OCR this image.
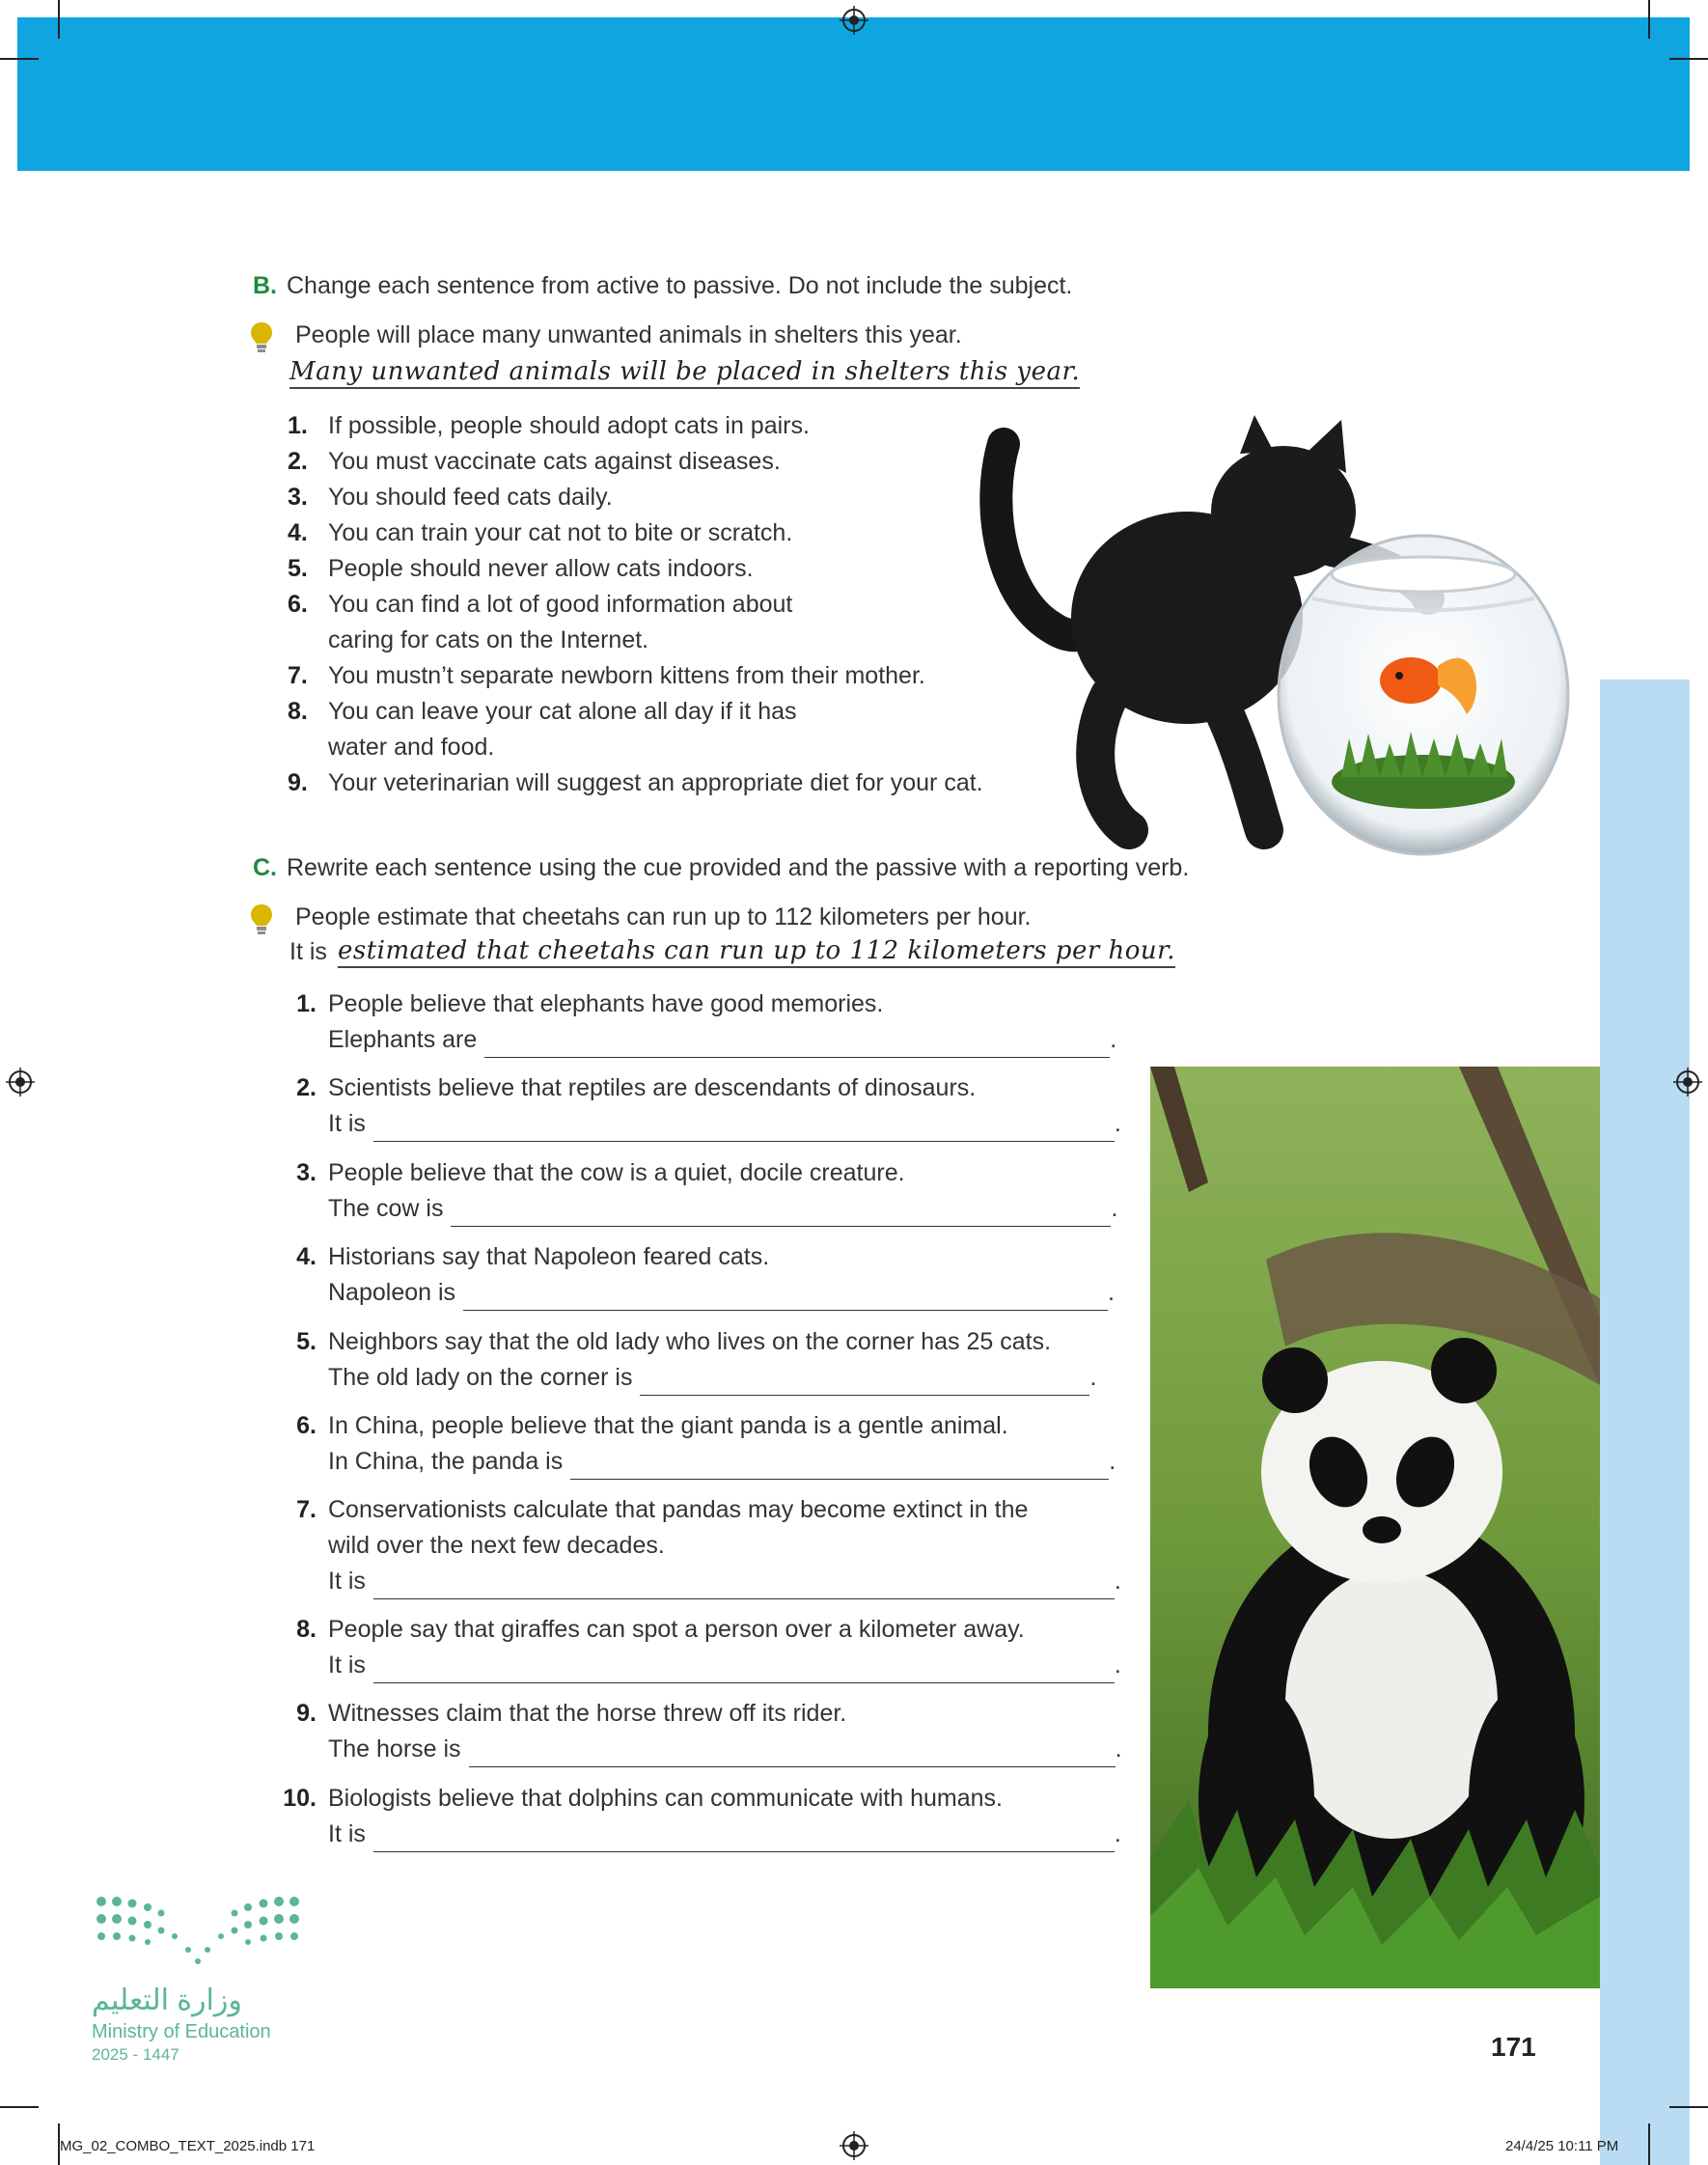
B. Change each sentence from active to passive. Do not include the subject.
People will place many unwanted animals in shelters this year.
Many unwanted animals will be placed in shelters this year.
1. If possible, people should adopt cats in pairs.
2. You must vaccinate cats against diseases.
3. You should feed cats daily.
4. You can train your cat not to bite or scratch.
5. People should never allow cats indoors.
6. You can find a lot of good information about
caring for cats on the Internet.
7. You mustn’t separate newborn kittens from their mother.
8. You can leave your cat alone all day if it has
water and food.
9. Your veterinarian will suggest an appropriate diet for your cat.
C. Rewrite each sentence using the cue provided and the passive with a reporting verb.
People estimate that cheetahs can run up to 112 kilometers per hour.
It is estimated that cheetahs can run up to 112 kilometers per hour.
1. People believe that elephants have good memories.
Elephants are	.
2. Scientists believe that reptiles are descendants of dinosaurs.
It is	.
3. People believe that the cow is a quiet, docile creature.
The cow is	.
4. Historians say that Napoleon feared cats.
Napoleon is	.
5. Neighbors say that the old lady who lives on the corner has 25 cats.
The old lady on the corner is	.
6. In China, people believe that the giant panda is a gentle animal.
In China, the panda is	.
7. Conservationists calculate that pandas may become extinct in the
wild over the next few decades.
It is	.
8. People say that giraffes can spot a person over a kilometer away.
It is	.
9. Witnesses claim that the horse threw off its rider.
The horse is	.
10. Biologists believe that dolphins can communicate with humans.
It is	.
وزارة التعليم
Ministry of Education
2025 - 1447	171
MG_02_COMBO_TEXT_2025.indb 171	24/4/25 10:11 PM
